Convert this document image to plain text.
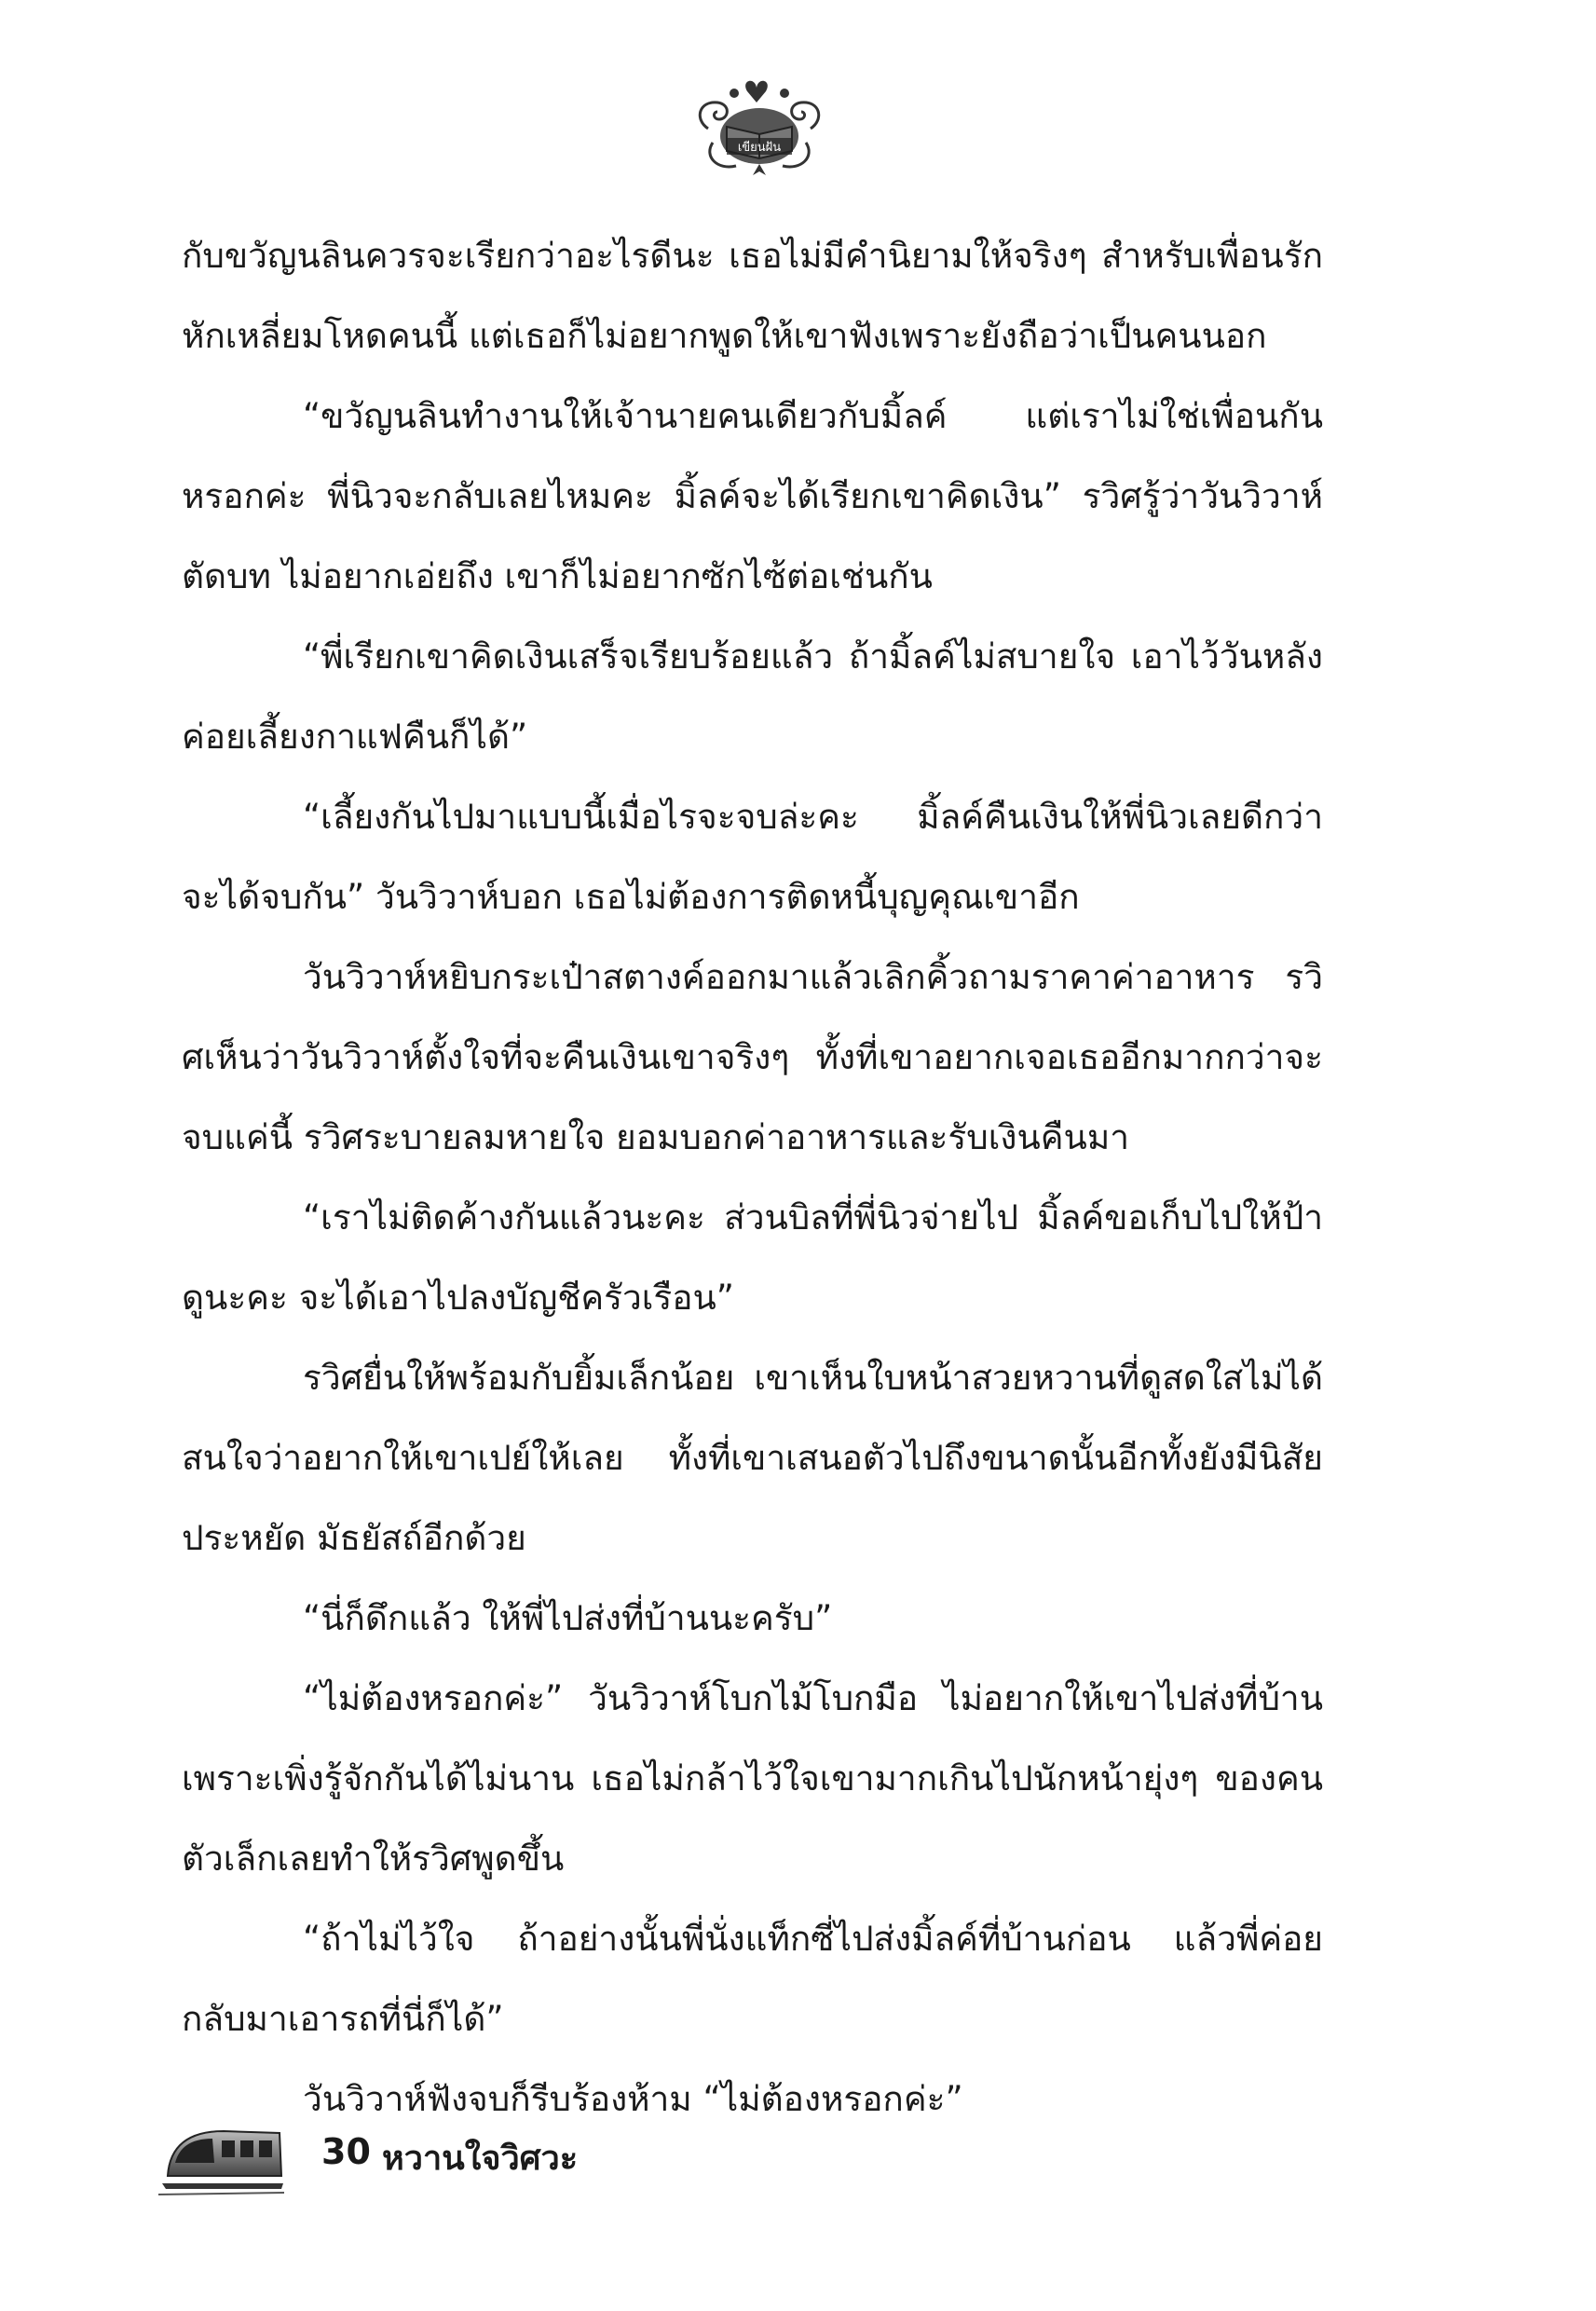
เขียนฝัน

กับขวัญนลินควรจะเรียกว่าอะไรดีนะ เธอไม่มีคำนิยามให้จริงๆ สำหรับเพื่อนรักหักเหลี่ยมโหดคนนี้ แต่เธอก็ไม่อยากพูดให้เขาฟังเพราะยังถือว่าเป็นคนนอก

“ขวัญนลินทำงานให้เจ้านายคนเดียวกับมิ้ลค์ แต่เราไม่ใช่เพื่อนกันหรอกค่ะ พี่นิวจะกลับเลยไหมคะ มิ้ลค์จะได้เรียกเขาคิดเงิน” รวิศรู้ว่าวันวิวาห์ตัดบท ไม่อยากเอ่ยถึง เขาก็ไม่อยากซักไซ้ต่อเช่นกัน

“พี่เรียกเขาคิดเงินเสร็จเรียบร้อยแล้ว ถ้ามิ้ลค์ไม่สบายใจ เอาไว้วันหลังค่อยเลี้ยงกาแฟคืนก็ได้”

“เลี้ยงกันไปมาแบบนี้เมื่อไรจะจบล่ะคะ มิ้ลค์คืนเงินให้พี่นิวเลยดีกว่า จะได้จบกัน” วันวิวาห์บอก เธอไม่ต้องการติดหนี้บุญคุณเขาอีก

วันวิวาห์หยิบกระเป๋าสตางค์ออกมาแล้วเลิกคิ้วถามราคาค่าอาหาร รวิศเห็นว่าวันวิวาห์ตั้งใจที่จะคืนเงินเขาจริงๆ ทั้งที่เขาอยากเจอเธออีกมากกว่าจะจบแค่นี้ รวิศระบายลมหายใจ ยอมบอกค่าอาหารและรับเงินคืนมา

“เราไม่ติดค้างกันแล้วนะคะ ส่วนบิลที่พี่นิวจ่ายไป มิ้ลค์ขอเก็บไปให้ป้าดูนะคะ จะได้เอาไปลงบัญชีครัวเรือน”

รวิศยื่นให้พร้อมกับยิ้มเล็กน้อย เขาเห็นใบหน้าสวยหวานที่ดูสดใสไม่ได้สนใจว่าอยากให้เขาเปย์ให้เลย ทั้งที่เขาเสนอตัวไปถึงขนาดนั้นอีกทั้งยังมีนิสัยประหยัด มัธยัสถ์อีกด้วย

“นี่ก็ดึกแล้ว ให้พี่ไปส่งที่บ้านนะครับ”

“ไม่ต้องหรอกค่ะ” วันวิวาห์โบกไม้โบกมือ ไม่อยากให้เขาไปส่งที่บ้าน เพราะเพิ่งรู้จักกันได้ไม่นาน เธอไม่กล้าไว้ใจเขามากเกินไปนักหน้ายุ่งๆ ของคนตัวเล็กเลยทำให้รวิศพูดขึ้น

“ถ้าไม่ไว้ใจ ถ้าอย่างนั้นพี่นั่งแท็กซี่ไปส่งมิ้ลค์ที่บ้านก่อน แล้วพี่ค่อยกลับมาเอารถที่นี่ก็ได้”

วันวิวาห์ฟังจบก็รีบร้องห้าม “ไม่ต้องหรอกค่ะ”

30 หวานใจวิศวะ
